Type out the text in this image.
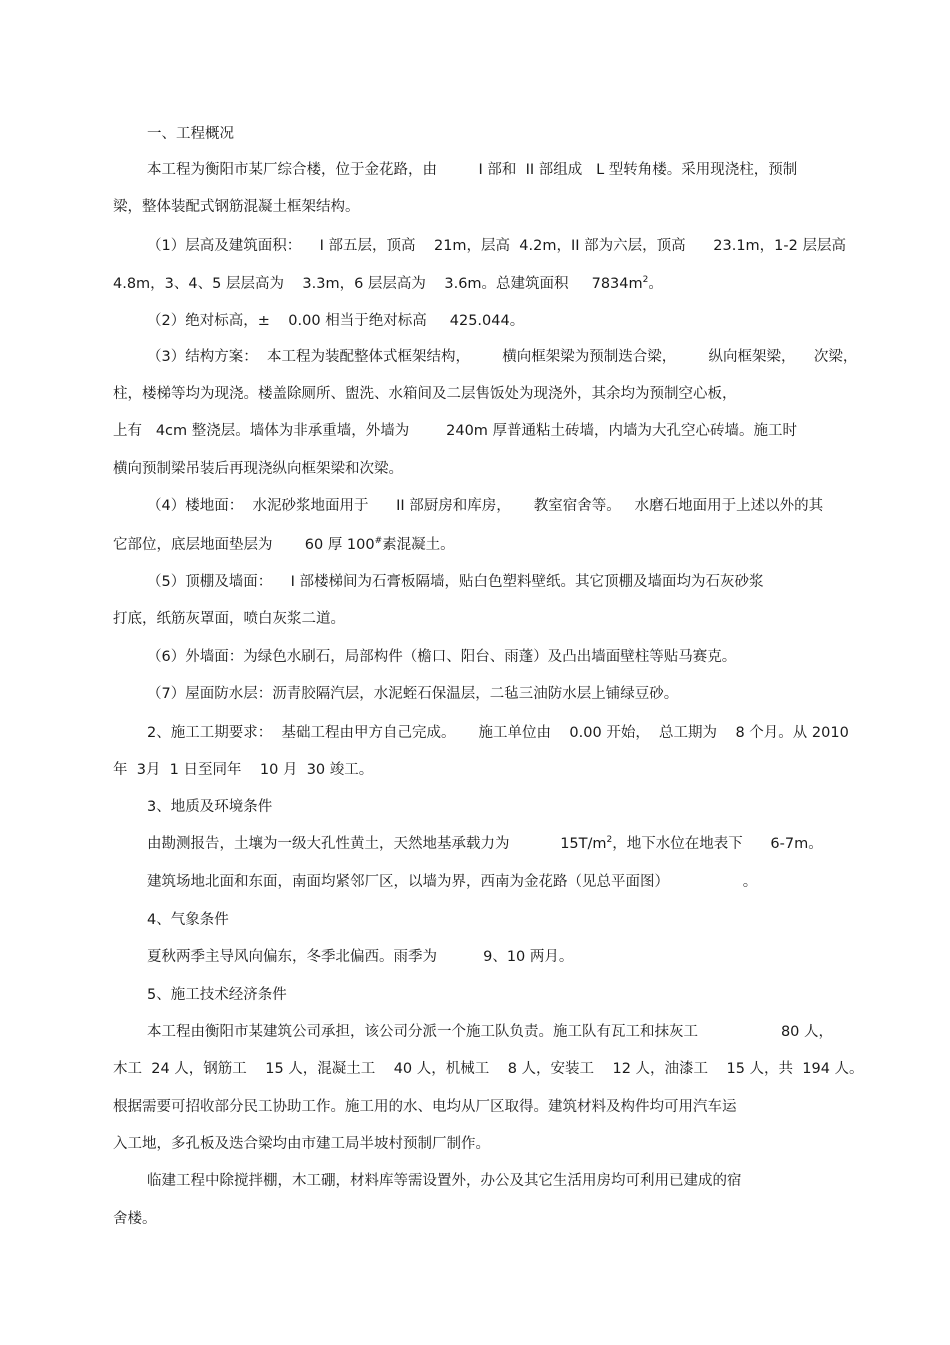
一、工程概况
本工程为衡阳市某厂综合楼，位于金花路，由         I 部和  II 部组成   L 型转角楼。采用现浇柱，预制
梁，整体装配式钢筋混凝土框架结构。
（1）层高及建筑面积：    I 部五层，顶高    21m，层高  4.2m，II 部为六层，顶高      23.1m，1-2 层层高
4.8m，3、4、5 层层高为    3.3m，6 层层高为    3.6m。总建筑面积     $7834m^2$。
（2）绝对标高，±    0.00 相当于绝对标高     425.044。
（3）结构方案：  本工程为装配整体式框架结构，       横向框架梁为预制迭合梁，       纵向框架梁，    次梁，
柱，楼梯等均为现浇。楼盖除厕所、盥洗、水箱间及二层售饭处为现浇外，其余均为预制空心板，
上有   4cm 整浇层。墙体为非承重墙，外墙为        240m 厚普通粘土砖墙，内墙为大孔空心砖墙。施工时
横向预制梁吊装后再现浇纵向框架梁和次梁。
（4）楼地面：  水泥砂浆地面用于      II 部厨房和库房，     教室宿舍等。   水磨石地面用于上述以外的其
它部位，底层地面垫层为       60 厚 100#素混凝土。
（5）顶棚及墙面：    I 部楼梯间为石膏板隔墙，贴白色塑料壁纸。其它顶棚及墙面均为石灰砂浆
打底，纸筋灰罩面，喷白灰浆二道。
（6）外墙面：为绿色水刷石，局部构件（檐口、阳台、雨蓬）及凸出墙面壁柱等贴马赛克。
（7）屋面防水层：沥青胶隔汽层，水泥蛭石保温层，二毡三油防水层上铺绿豆砂。
2、施工工期要求：  基础工程由甲方自己完成。     施工单位由    0.00 开始，  总工期为    8 个月。从 2010
年  3月  1 日至同年    10 月  30 竣工。
3、地质及环境条件
由勘测报告，土壤为一级大孔性黄土，天然地基承载力为           $15T/m^2$，地下水位在地表下      6-7m。
建筑场地北面和东面，南面均紧邻厂区，以墙为界，西南为金花路（见总平面图）                。
4、气象条件
夏秋两季主导风向偏东，冬季北偏西。雨季为          9、10 两月。
5、施工技术经济条件
本工程由衡阳市某建筑公司承担，该公司分派一个施工队负责。施工队有瓦工和抹灰工                  80 人，
木工  24 人，钢筋工    15 人，混凝土工    40 人，机械工    8 人，安装工    12 人，油漆工    15 人，共  194 人。
根据需要可招收部分民工协助工作。施工用的水、电均从厂区取得。建筑材料及构件均可用汽车运
入工地，多孔板及迭合梁均由市建工局半坡村预制厂制作。
临建工程中除搅拌棚，木工硼，材料库等需设置外，办公及其它生活用房均可利用已建成的宿
舍楼。
